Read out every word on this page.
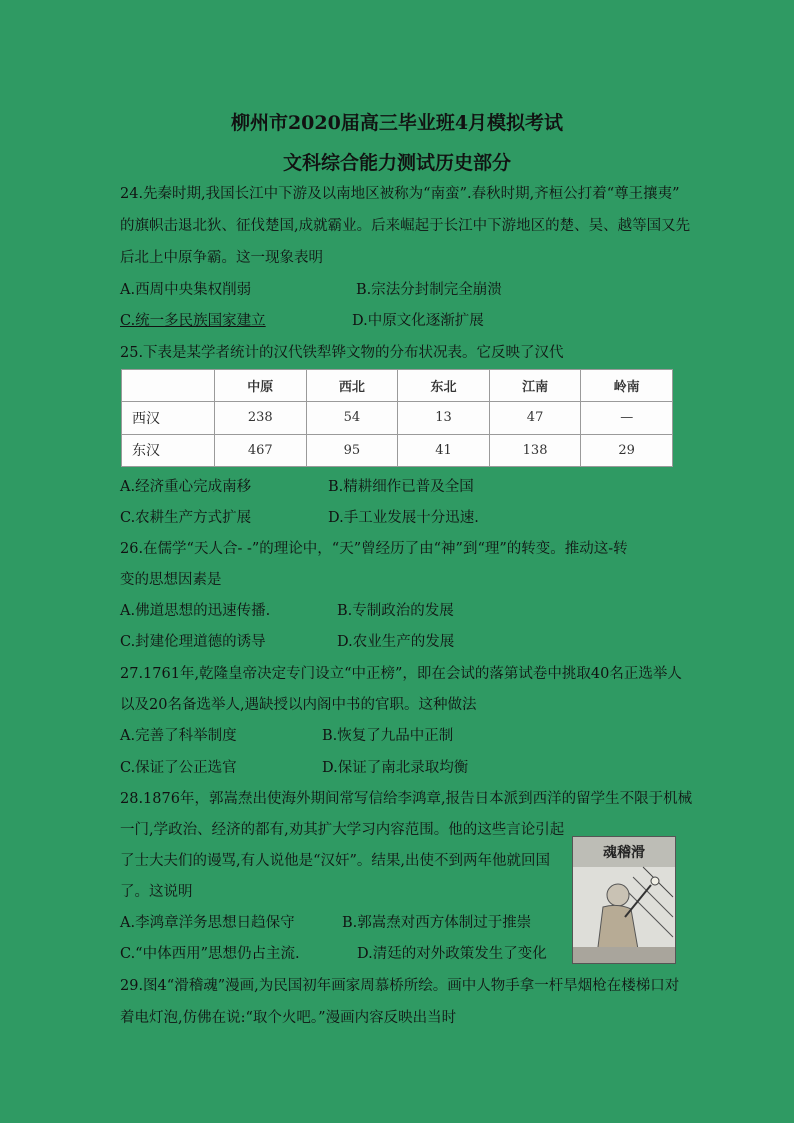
柳州市2020届高三毕业班4月模拟考试
文科综合能力测试历史部分
24.先秦时期,我国长江中下游及以南地区被称为“南蛮”.春秋时期,齐桓公打着“尊王攘夷”
的旗帜击退北狄、征伐楚国,成就霸业。后来崛起于长江中下游地区的楚、吴、越等国又先
后北上中原争霸。这一现象表明
A.西周中央集权削弱	B.宗法分封制完全崩溃
C.统一多民族国家建立	D.中原文化逐渐扩展
25.下表是某学者统计的汉代铁犁铧文物的分布状况表。它反映了汉代
	中原	西北	东北	江南	岭南
西汉	238	54	13	47	—
东汉	467	95	41	138	29
A.经济重心完成南移	B.精耕细作已普及全国
C.农耕生产方式扩展	D.手工业发展十分迅速.
26.在儒学“天人合- -”的理论中，“天”曾经历了由“神”到“理”的转变。推动这-转
变的思想因素是
A.佛道思想的迅速传播.	B.专制政治的发展
C.封建伦理道德的诱导	D.农业生产的发展
27.1761年,乾隆皇帝决定专门设立“中正榜”，即在会试的落第试卷中挑取40名正选举人
以及20名备选举人,遇缺授以内阁中书的官职。这种做法
A.完善了科举制度	B.恢复了九品中正制
C.保证了公正选官	D.保证了南北录取均衡
28.1876年，郭嵩焘出使海外期间常写信给李鸿章,报告日本派到西洋的留学生不限于机械
一门,学政治、经济的都有,劝其扩大学习内容范围。他的这些言论引起
了士大夫们的谩骂,有人说他是“汉奸”。结果,出使不到两年他就回国
了。这说明
A.李鸿章洋务思想日趋保守	B.郭嵩焘对西方体制过于推崇
C.“中体西用”思想仍占主流.	D.清廷的对外政策发生了变化
魂稽滑
29.图4“滑稽魂”漫画,为民国初年画家周慕桥所绘。画中人物手拿一杆旱烟枪在楼梯口对
着电灯泡,仿佛在说:“取个火吧。”漫画内容反映出当时
